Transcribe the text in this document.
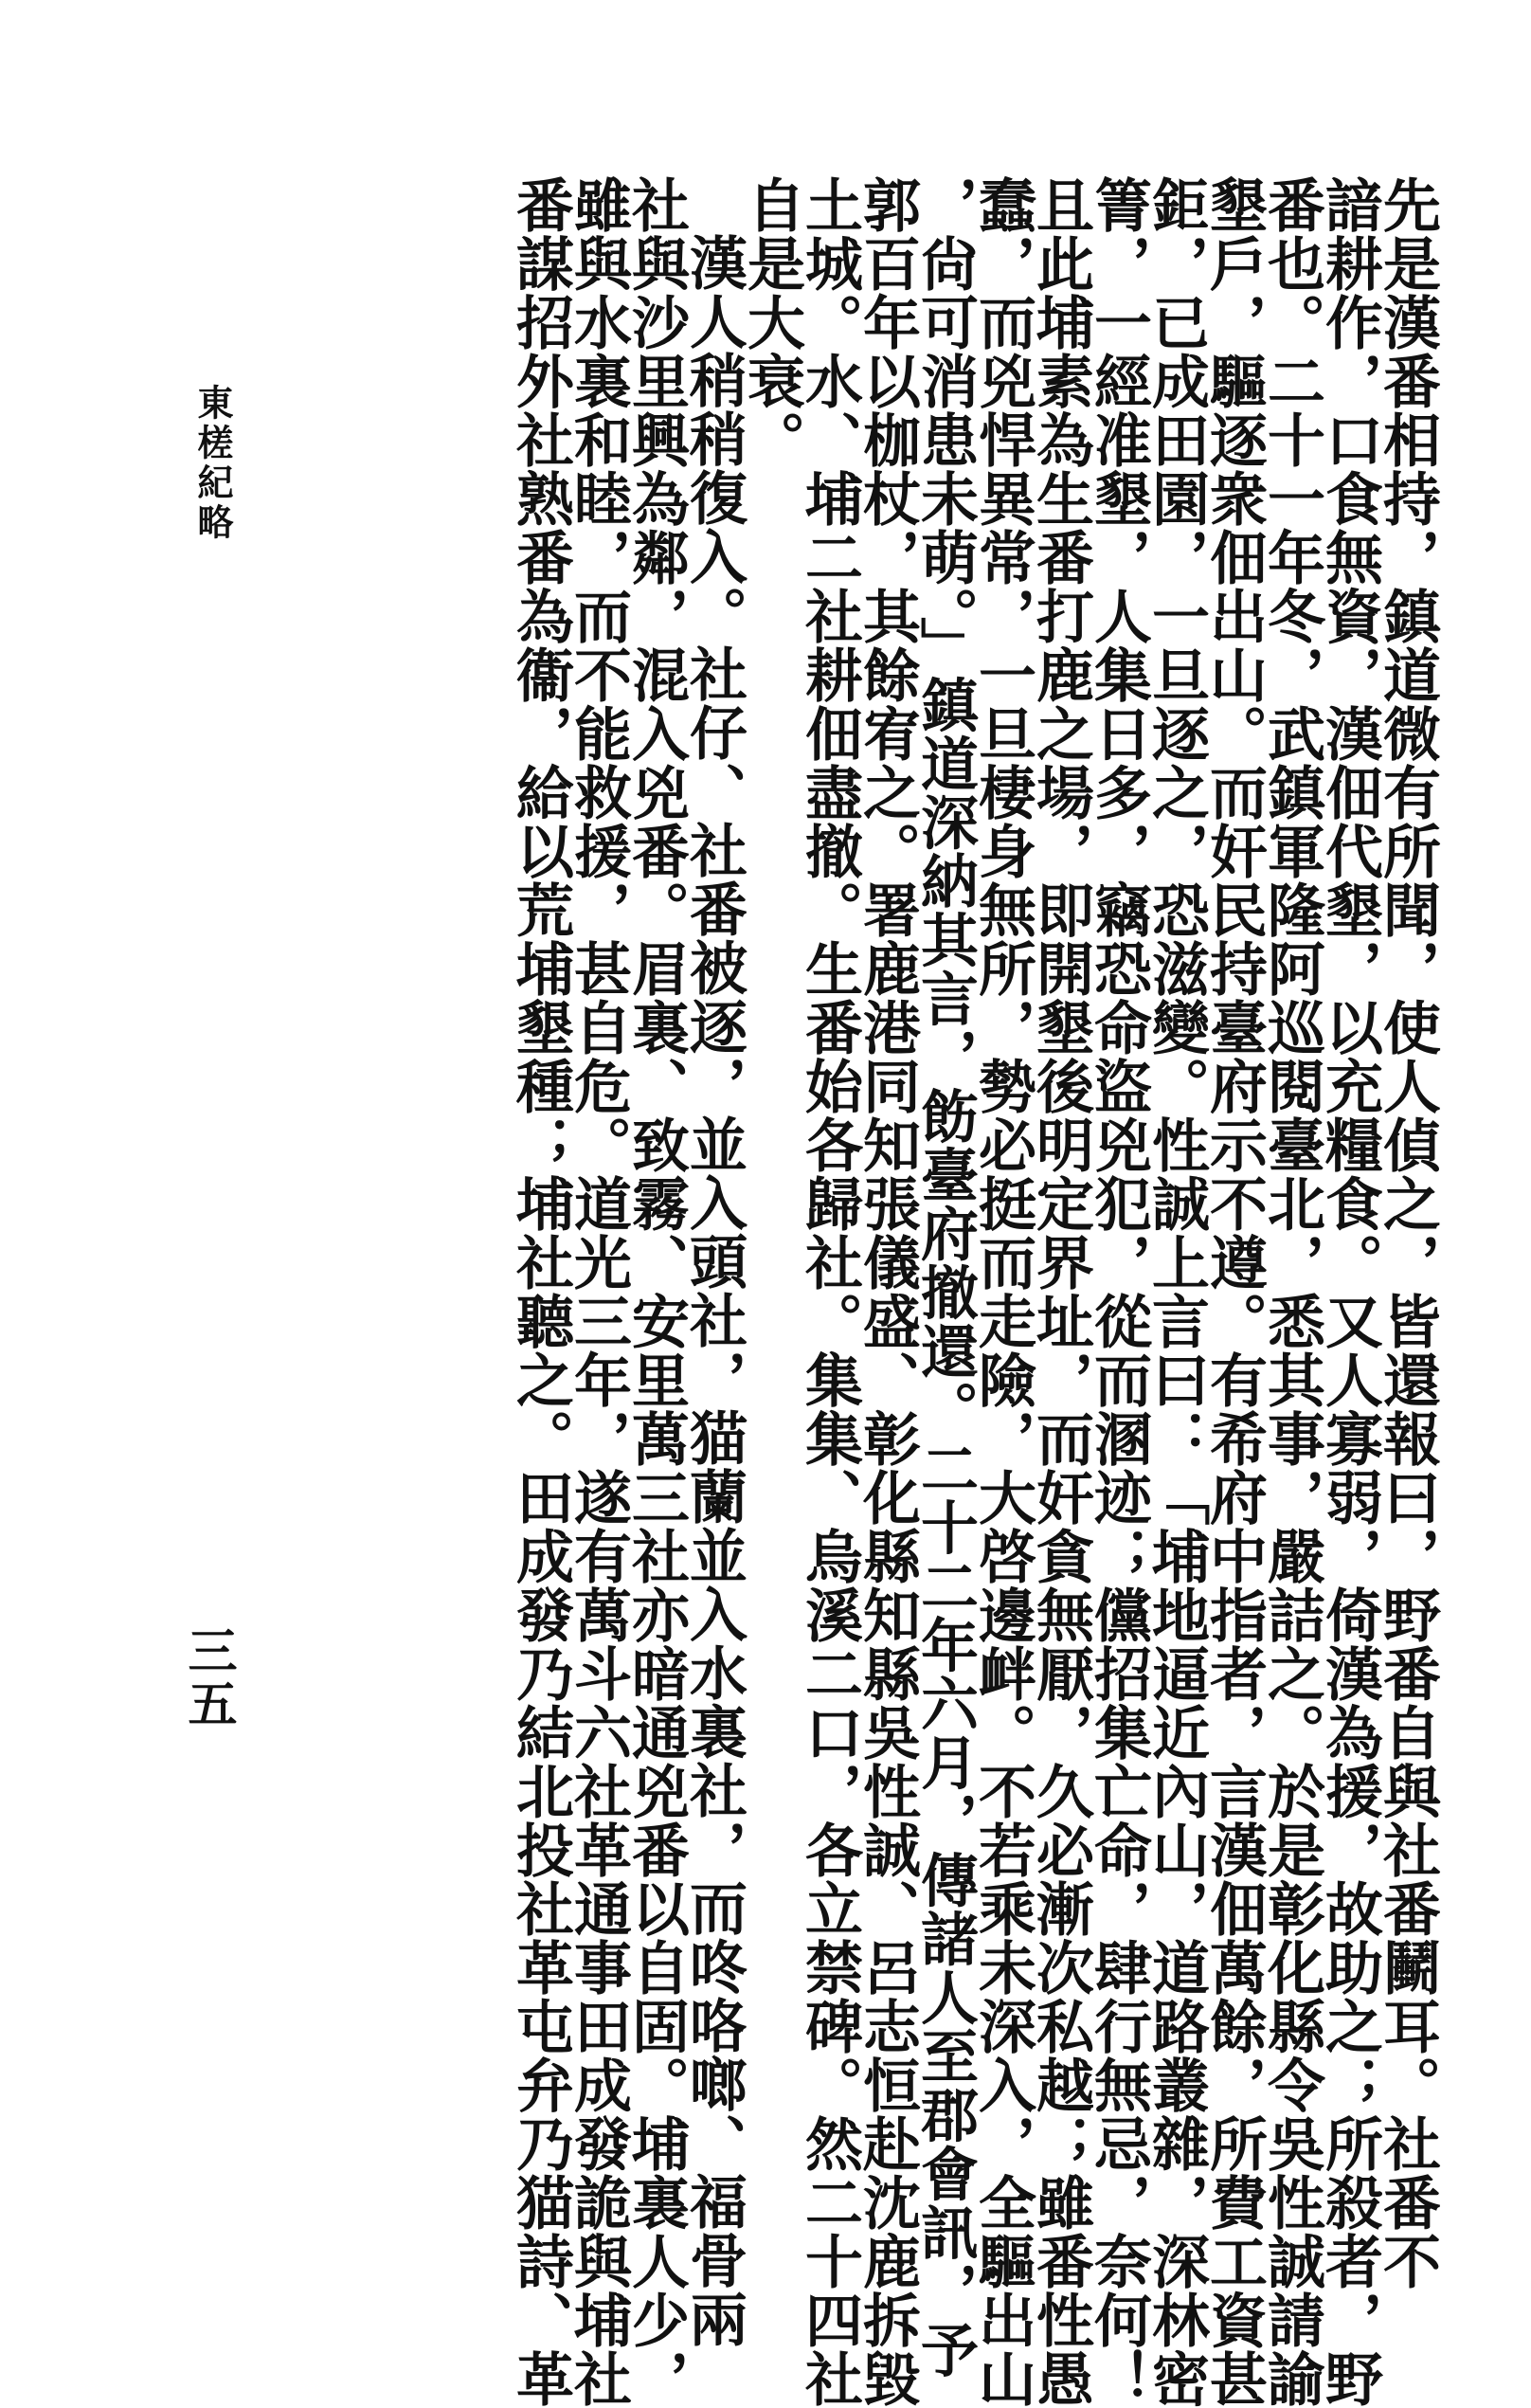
先是漢番相持，鎮道微有所聞，使人偵之，皆還報曰，野番自與社番鬭耳。社番不
諳耕作，口食無資，漢佃代墾，以充糧食。又人寡弱，倚漢為援，故助之；所殺者，野
番也。二十一年冬，武鎮軍隆阿巡閱臺北，悉其事，嚴詰之。於是彰化縣令吳性誠請諭
墾戶，驅逐衆佃出山。而奸民持臺府示不遵。有希府中指者，言漢佃萬餘，所費工資甚
鉅，已成田園，一旦逐之，恐滋變。性誠上言曰：「埔地逼近內山，道路叢雜，深林密
箐，一經准墾，人集日多，竊恐命盜兇犯，從而溷迹；儻招集亡命，肆行無忌，奈何！
且此埔素為生番打鹿之場，即開墾後明定界址，而奸貪無厭，久必漸次私越；雖番性愚
蠢，而兇悍異常，一旦棲身無所，勢必挺而走險，大啓邊衅。不若乘未深入，全驅出山
，尙可消患未萌。」鎮道深納其言，飭臺府撤還。二十二年六月，傳諸人至郡會訊，予
郭百年以枷杖，其餘宥之。署鹿港同知張儀盛、彰化縣知縣吳性誠、呂志恒赴沈鹿拆毀
土城。水、埔二社耕佃盡撤。生番始各歸社。集集、烏溪二口，各立禁碑。然二十四社
自是大衰。
漢人稍稍復入。社仔、社番被逐，並入頭社，猫蘭並入水裏社，而咚咯啷、福骨兩
社與沙里興為鄰，混入兇番。眉裏、致霧、安里萬三社亦暗通兇番以自固。埔裏人少，
雖與水裏和睦，而不能救援，甚自危。道光三年，遂有萬斗六社革通事田成發詭與埔社
番謀招外社熟番為衞，給以荒埔墾種；埔社聽之。田成發乃結北投社革屯弁乃猫詩、革
東槎紀略
三五
